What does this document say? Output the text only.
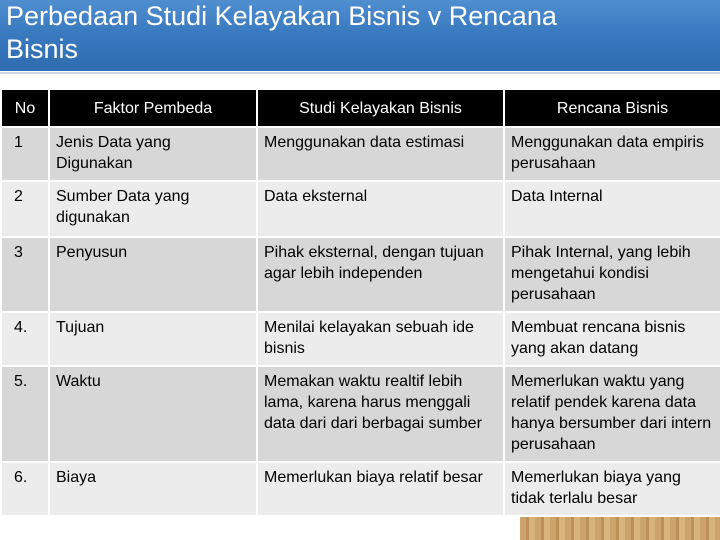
Perbedaan Studi Kelayakan Bisnis v Rencana Bisnis
No	Faktor Pembeda	Studi Kelayakan Bisnis	Rencana Bisnis
1	Jenis Data yang Digunakan	Menggunakan data estimasi	Menggunakan data empiris perusahaan
2	Sumber Data yang digunakan	Data eksternal	Data Internal
3	Penyusun	Pihak eksternal, dengan tujuan agar lebih independen	Pihak Internal, yang lebih mengetahui kondisi perusahaan
4.	Tujuan	Menilai kelayakan sebuah ide bisnis	Membuat rencana bisnis yang akan datang
5.	Waktu	Memakan waktu realtif lebih lama, karena harus menggali data dari dari berbagai sumber	Memerlukan waktu yang relatif pendek karena data hanya bersumber dari intern perusahaan
6.	Biaya	Memerlukan biaya relatif besar	Memerlukan biaya yang tidak terlalu besar
